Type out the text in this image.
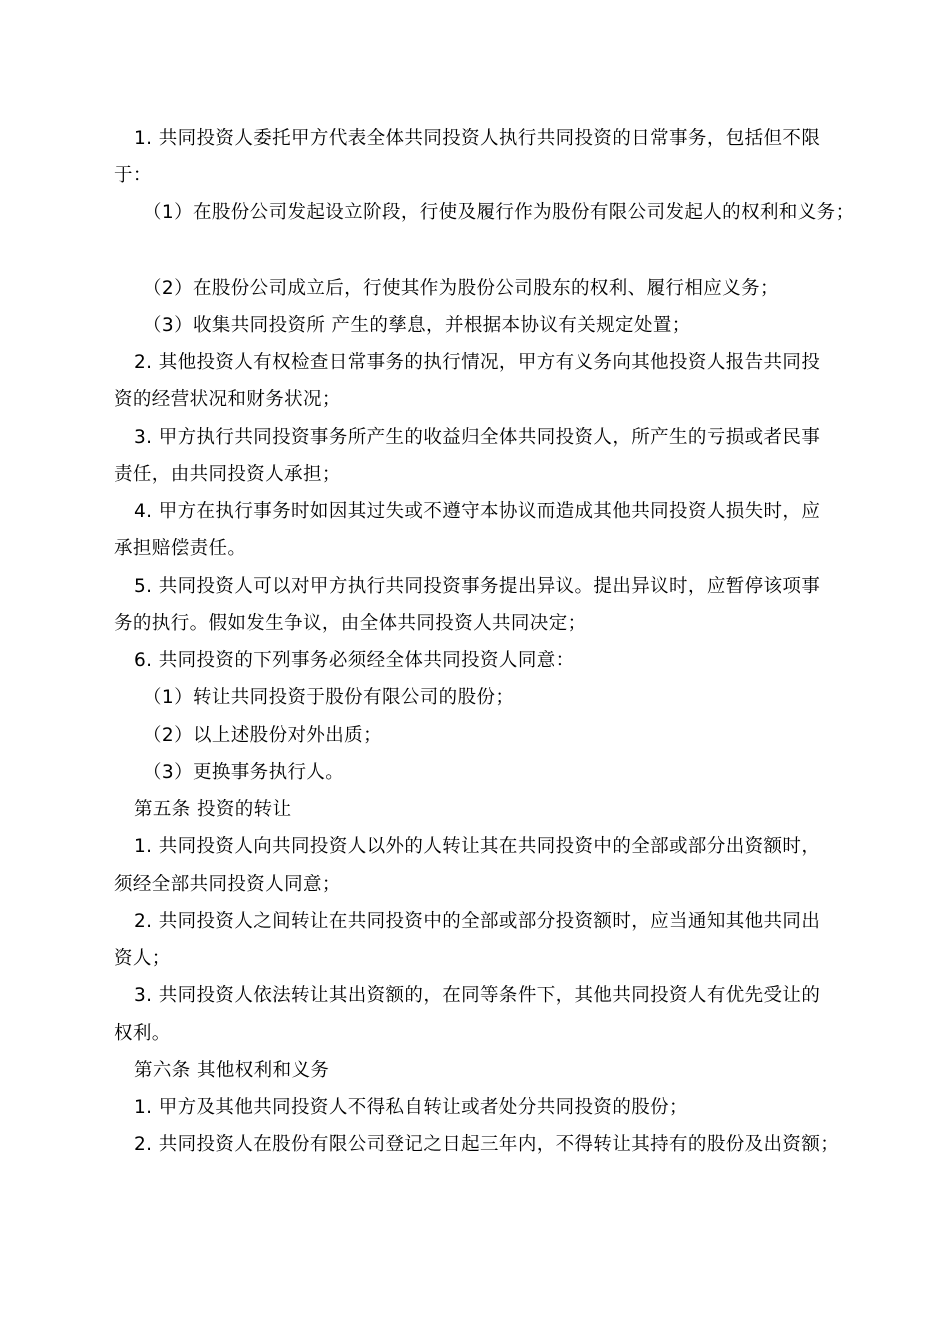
1. 共同投资人委托甲方代表全体共同投资人执行共同投资的日常事务，包括但不限
于：
（1）在股份公司发起设立阶段，行使及履行作为股份有限公司发起人的权利和义务；
（2）在股份公司成立后，行使其作为股份公司股东的权利、履行相应义务；
（3）收集共同投资所 产生的孳息，并根据本协议有关规定处置；
2. 其他投资人有权检查日常事务的执行情况，甲方有义务向其他投资人报告共同投
资的经营状况和财务状况；
3. 甲方执行共同投资事务所产生的收益归全体共同投资人，所产生的亏损或者民事
责任，由共同投资人承担；
4. 甲方在执行事务时如因其过失或不遵守本协议而造成其他共同投资人损失时，应
承担赔偿责任。
5. 共同投资人可以对甲方执行共同投资事务提出异议。提出异议时，应暂停该项事
务的执行。假如发生争议，由全体共同投资人共同决定；
6. 共同投资的下列事务必须经全体共同投资人同意：
（1）转让共同投资于股份有限公司的股份；
（2）以上述股份对外出质；
（3）更换事务执行人。
第五条 投资的转让
1. 共同投资人向共同投资人以外的人转让其在共同投资中的全部或部分出资额时，
须经全部共同投资人同意；
2. 共同投资人之间转让在共同投资中的全部或部分投资额时，应当通知其他共同出
资人；
3. 共同投资人依法转让其出资额的，在同等条件下，其他共同投资人有优先受让的
权利。
第六条 其他权利和义务
1. 甲方及其他共同投资人不得私自转让或者处分共同投资的股份；
2. 共同投资人在股份有限公司登记之日起三年内，不得转让其持有的股份及出资额；
